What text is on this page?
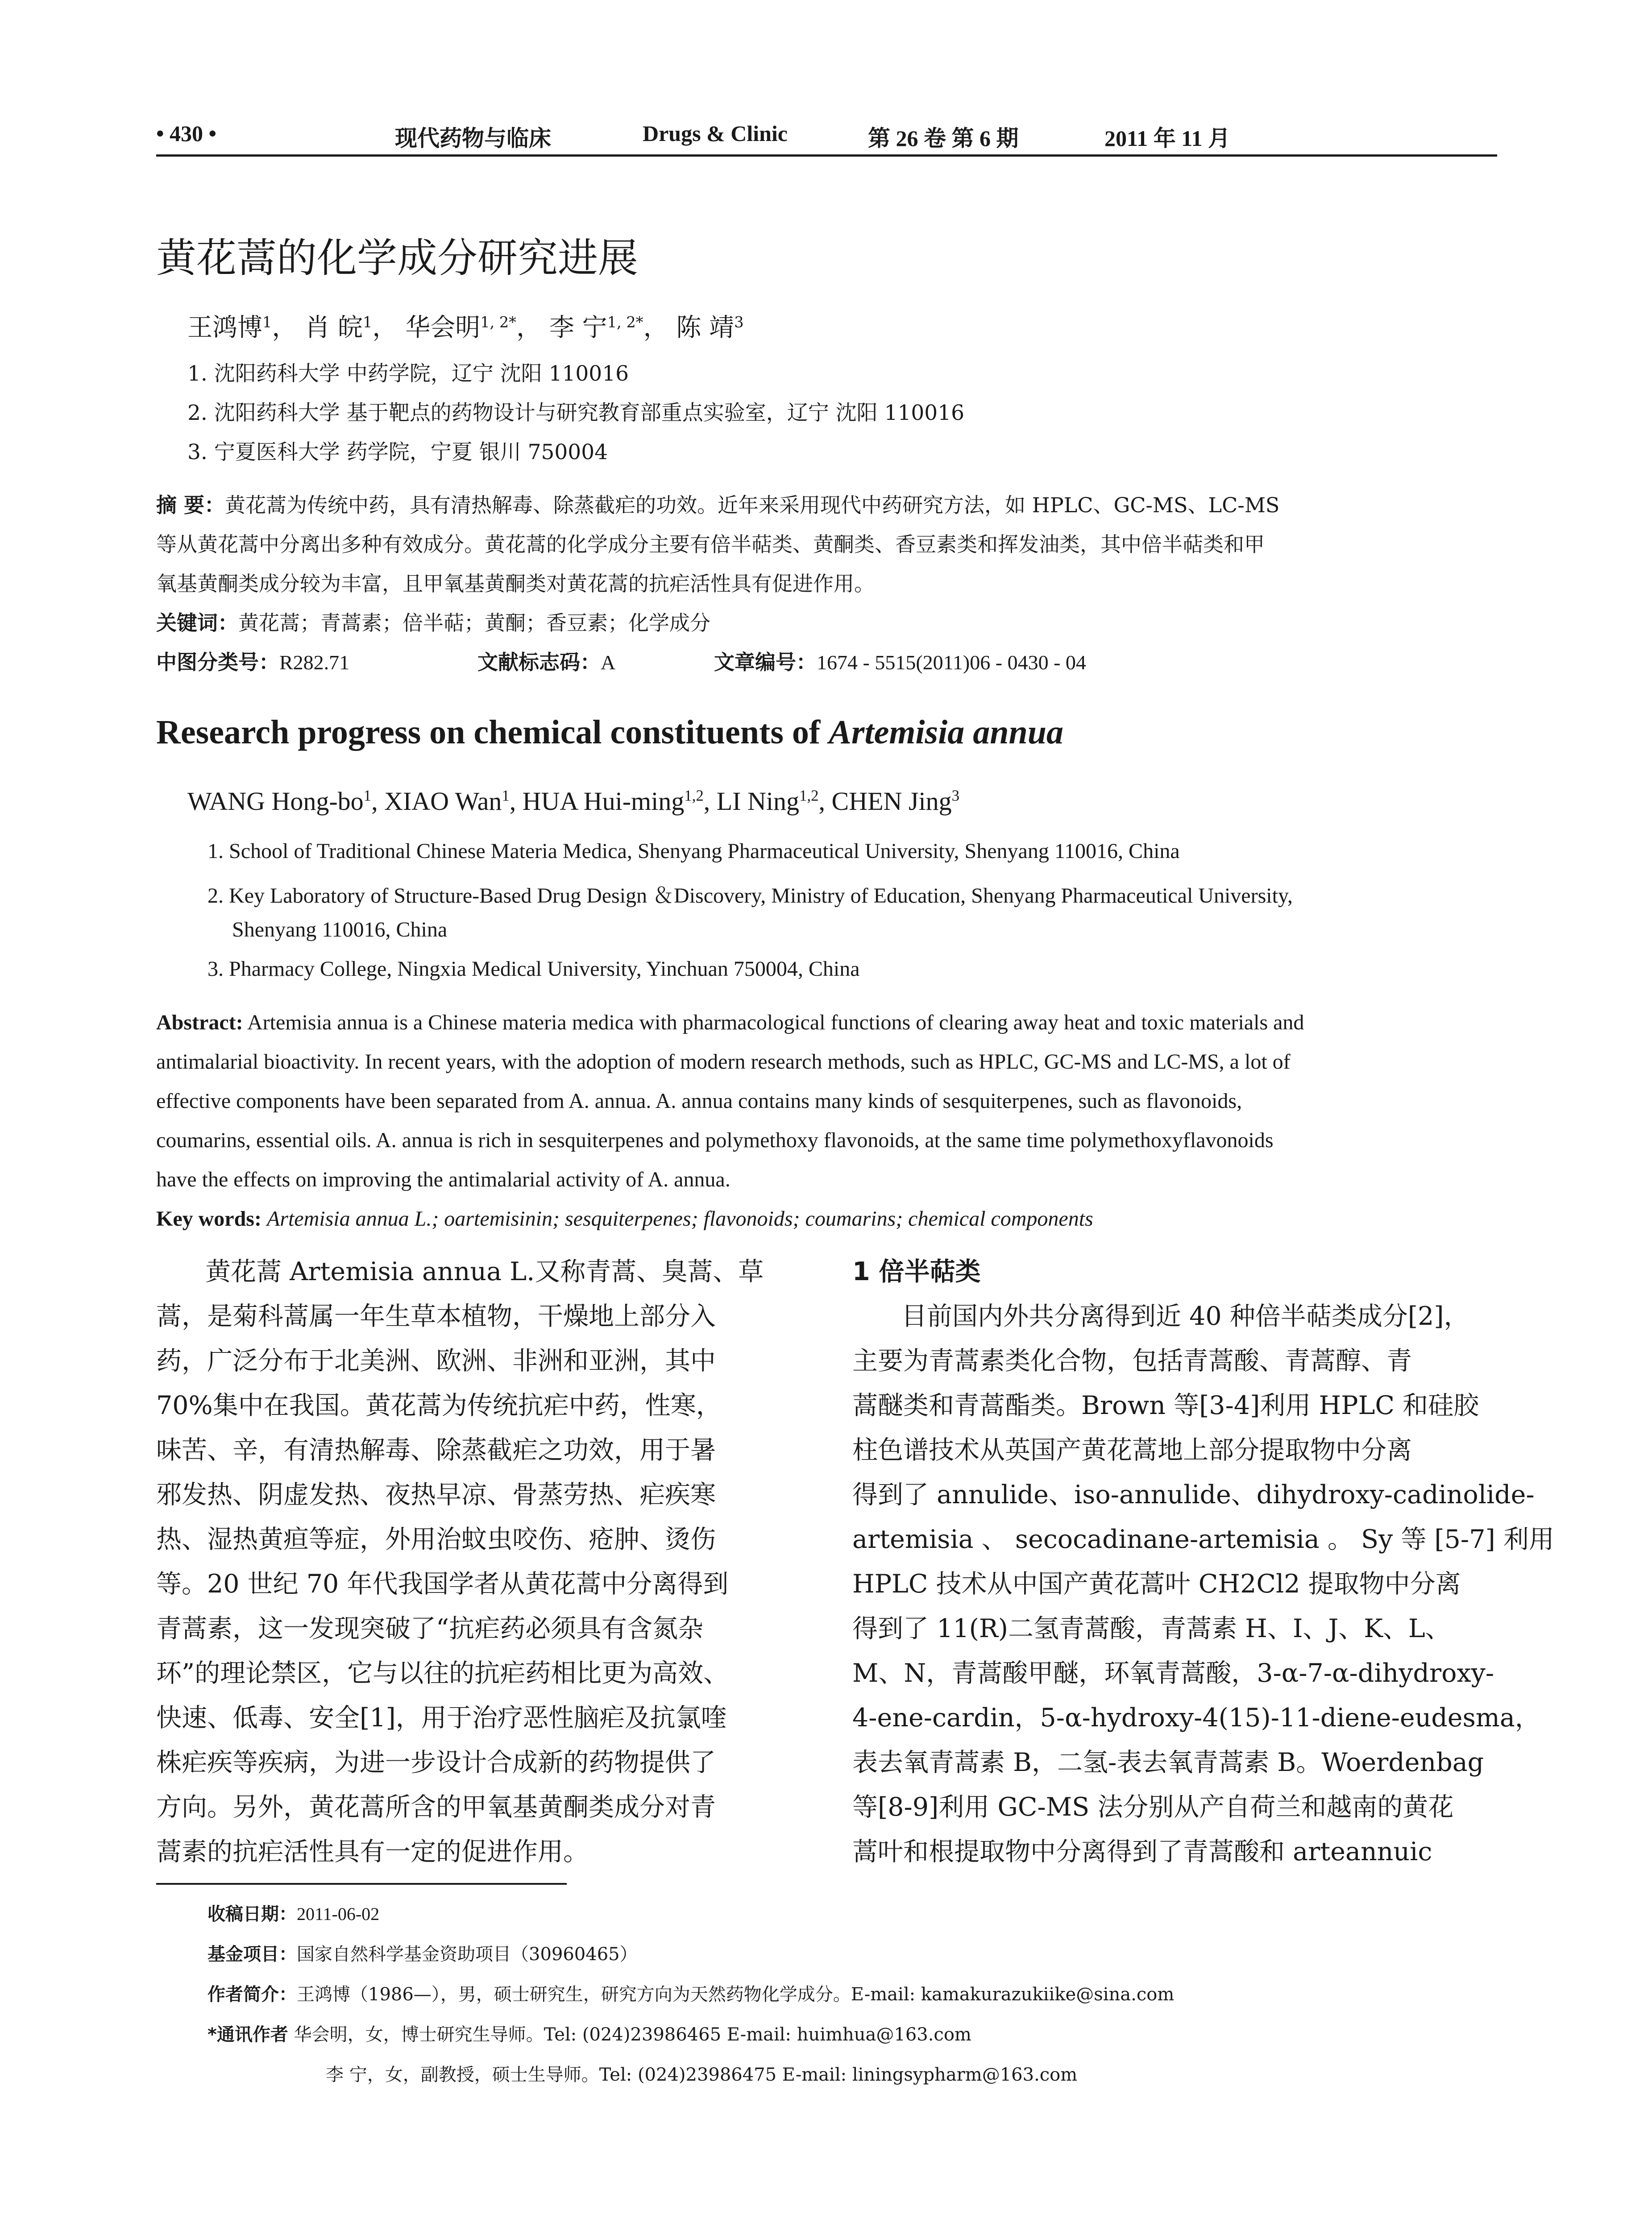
• 430 •	现代药物与临床	Drugs & Clinic	第 26 卷 第 6 期	2011 年 11 月
黄花蒿的化学成分研究进展
王鸿博$^1$， 肖 皖$^1$， 华会明$^{1, 2*}$， 李 宁$^{1, 2*}$， 陈 靖$^3$
1. 沈阳药科大学 中药学院，辽宁 沈阳 110016
2. 沈阳药科大学 基于靶点的药物设计与研究教育部重点实验室，辽宁 沈阳 110016
3. 宁夏医科大学 药学院，宁夏 银川 750004
摘 要：黄花蒿为传统中药，具有清热解毒、除蒸截疟的功效。近年来采用现代中药研究方法，如 HPLC、GC-MS、LC-MS
等从黄花蒿中分离出多种有效成分。黄花蒿的化学成分主要有倍半萜类、黄酮类、香豆素类和挥发油类，其中倍半萜类和甲
氧基黄酮类成分较为丰富，且甲氧基黄酮类对黄花蒿的抗疟活性具有促进作用。
关键词：黄花蒿；青蒿素；倍半萜；黄酮；香豆素；化学成分
中图分类号：R282.71	文献标志码：A	文章编号：1674 - 5515(2011)06 - 0430 - 04
Research progress on chemical constituents of Artemisia annua
WANG Hong-$bo^1$, XIAO Wan$^1$, HUA Hui-ming$^{1,2}$, LI Ning$^{1,2}$, CHEN Jing$^3$
1. School of Traditional Chinese Materia Medica, Shenyang Pharmaceutical University, Shenyang 110016, China
2. Key Laboratory of Structure-Based Drug Design ＆Discovery, Ministry of Education, Shenyang Pharmaceutical University,
Shenyang 110016, China
3. Pharmacy College, Ningxia Medical University, Yinchuan 750004, China
Abstract: Artemisia annua is a Chinese materia medica with pharmacological functions of clearing away heat and toxic materials and
antimalarial bioactivity. In recent years, with the adoption of modern research methods, such as HPLC, GC-MS and LC-MS, a lot of
effective components have been separated from A. annua. A. annua contains many kinds of sesquiterpenes, such as flavonoids,
coumarins, essential oils. A. annua is rich in sesquiterpenes and polymethoxy flavonoids, at the same time polymethoxyflavonoids
have the effects on improving the antimalarial activity of A. annua.
Key words: Artemisia annua L.; oartemisinin; sesquiterpenes; flavonoids; coumarins; chemical components
黄花蒿 Artemisia annua L.又称青蒿、臭蒿、草
蒿，是菊科蒿属一年生草本植物，干燥地上部分入
药，广泛分布于北美洲、欧洲、非洲和亚洲，其中
70%集中在我国。黄花蒿为传统抗疟中药，性寒，
味苦、辛，有清热解毒、除蒸截疟之功效，用于暑
邪发热、阴虚发热、夜热早凉、骨蒸劳热、疟疾寒
热、湿热黄疸等症，外用治蚊虫咬伤、疮肿、烫伤
等。20 世纪 70 年代我国学者从黄花蒿中分离得到
青蒿素，这一发现突破了“抗疟药必须具有含氮杂
环”的理论禁区，它与以往的抗疟药相比更为高效、
快速、低毒、安全[1]，用于治疗恶性脑疟及抗氯喹
株疟疾等疾病，为进一步设计合成新的药物提供了
方向。另外，黄花蒿所含的甲氧基黄酮类成分对青
蒿素的抗疟活性具有一定的促进作用。
1 倍半萜类
目前国内外共分离得到近 40 种倍半萜类成分[2]，
主要为青蒿素类化合物，包括青蒿酸、青蒿醇、青
蒿醚类和青蒿酯类。Brown 等[3-4]利用 HPLC 和硅胶
柱色谱技术从英国产黄花蒿地上部分提取物中分离
得到了 annulide、iso-annulide、dihydroxy-cadinolide-
artemisia 、 secocadinane-artemisia 。 Sy 等 [5-7] 利用
HPLC 技术从中国产黄花蒿叶 CH2Cl2 提取物中分离
得到了 11(R)二氢青蒿酸，青蒿素 H、I、J、K、L、
M、N，青蒿酸甲醚，环氧青蒿酸，3-α-7-α-dihydroxy-
4-ene-cardin，5-α-hydroxy-4(15)-11-diene-eudesma，
表去氧青蒿素 B，二氢-表去氧青蒿素 B。Woerdenbag
等[8-9]利用 GC-MS 法分别从产自荷兰和越南的黄花
蒿叶和根提取物中分离得到了青蒿酸和 arteannuic
收稿日期：2011-06-02
基金项目：国家自然科学基金资助项目（30960465）
作者简介：王鸿博（1986—），男，硕士研究生，研究方向为天然药物化学成分。E-mail: kamakurazukiike@sina.com
*通讯作者 华会明，女，博士研究生导师。Tel: (024)23986465 E-mail: huimhua@163.com
李 宁，女，副教授，硕士生导师。Tel: (024)23986475 E-mail: liningsypharm@163.com
